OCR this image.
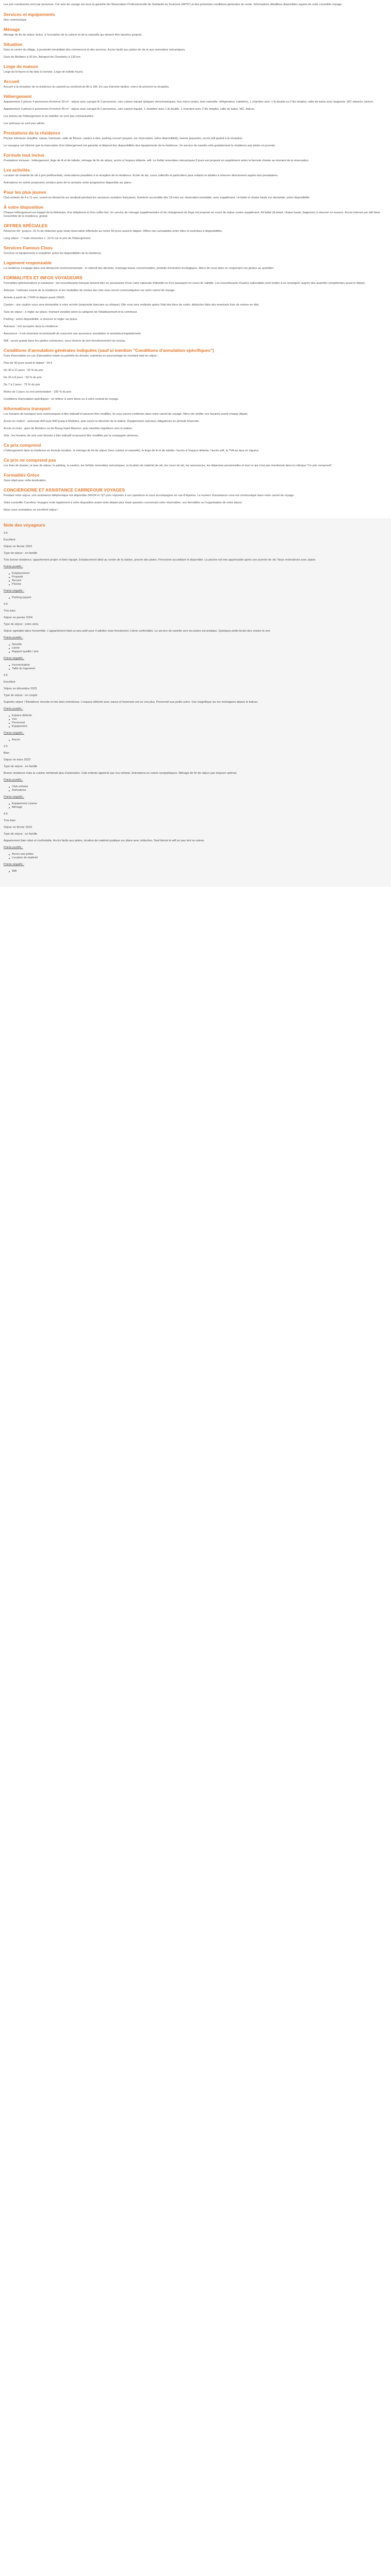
Les prix mentionnés sont par personne. Cet acte de voyage est sous la garantie de l'Association Professionnelle de Solidarité du Tourisme (APST) et des présentes conditions générales de vente. Informations détaillées disponibles auprès de votre conseiller voyage.
Services et équipements
Non communiqué.
Ménage
Ménage de fin de séjour inclus, à l'exception de la cuisine et de la vaisselle qui doivent être laissées propres.
Situation
Dans le centre du village, à proximité immédiate des commerces et des services. Accès facile aux pistes de ski et aux remontées mécaniques.
Gare de Moûtiers à 30 km. Aéroport de Chambéry à 130 km.
Linge de maison
Linge de lit fourni et lits faits à l'arrivée. Linge de toilette fourni.
Accueil
Accueil à la réception de la résidence du samedi au vendredi de 8h à 19h. En cas d'arrivée tardive, merci de prévenir la réception.
Hébergement
Appartement 2 pièces 4 personnes d'environ 30 m² : séjour avec canapé-lit 2 personnes, coin cuisine équipé (plaques vitrocéramiques, four micro-ondes, lave-vaisselle, réfrigérateur, cafetière), 1 chambre avec 1 lit double ou 2 lits simples, salle de bains avec baignoire, WC séparés, balcon.
Appartement 3 pièces 6 personnes d'environ 45 m² : séjour avec canapé-lit 2 personnes, coin cuisine équipé, 1 chambre avec 1 lit double, 1 chambre avec 2 lits simples, salle de bains, WC, balcon.
Les photos de l'hébergement et du mobilier ne sont pas contractuelles.
Les animaux ne sont pas admis.
Prestations de la résidence
Piscine intérieure chauffée, sauna, hammam, salle de fitness, casiers à skis, parking couvert (payant, sur réservation, selon disponibilité), laverie (payante), accès wifi gratuit à la réception.
Le voyageur est informé que la réservation d'un hébergement est garantie et dépend des disponibilités des équipements de la résidence. Un service de navette relie gratuitement la résidence aux pistes en journée.
Formule tout inclus
Prestations incluses : hébergement, linge de lit et de toilette, ménage de fin de séjour, accès à l'espace détente, wifi. Le forfait remontées mécaniques 6 jours est proposé en supplément selon la formule choisie au moment de la réservation.
Les activités
Location de matériel de ski à prix préférentiels, réservations possibles à la réception de la résidence. École de ski, cours collectifs et particuliers pour enfants et adultes à réserver directement auprès des prestataires.
Animations en soirée proposées certains jours de la semaine selon programme disponible sur place.
Pour les plus jeunes
Club enfants de 4 à 11 ans, ouvert du dimanche au vendredi pendant les vacances scolaires françaises. Garderie accessible dès 18 mois sur réservation préalable, avec supplément. Lit bébé et chaise haute sur demande, selon disponibilité.
À votre disposition
Chaque hébergement est équipé de la télévision, d'un téléphone et d'un coffre-fort. Un service de ménage supplémentaire et de changement de linge est proposé en cours de séjour contre supplément. Kit bébé (lit pliant, chaise haute, baignoire) à réserver en avance. Accès internet par wifi dans l'ensemble de la résidence, gratuit.
OFFRES SPÉCIALES
Réservez tôt : jusqu'à -15 % de réduction pour toute réservation effectuée au moins 60 jours avant le départ. Offres non cumulables entre elles et soumises à disponibilités.
Long séjour : 7 nuits réservées = -10 % sur le prix de l'hébergement.
Services Famous Class
Services et équipements à compléter selon les disponibilités de la résidence.
Logement responsable
La résidence s'engage dans une démarche environnementale : tri sélectif des déchets, éclairage basse consommation, produits d'entretien écologiques. Merci de nous aider en respectant ces gestes au quotidien.
FORMALITÉS ET INFOS VOYAGEURS
Formalités administratives et sanitaires : les ressortissants français doivent être en possession d'une carte nationale d'identité ou d'un passeport en cours de validité. Les ressortissants d'autres nationalités sont invités à se renseigner auprès des autorités compétentes avant le départ.
Adresse : l'adresse exacte de la résidence et les modalités de remise des clés vous seront communiquées sur votre carnet de voyage.
Arrivée à partir de 17h00 et départ avant 10h00.
Caution : une caution vous sera demandée à votre arrivée (empreinte bancaire ou chèque). Elle vous sera restituée après l'état des lieux de sortie, déduction faite des éventuels frais de remise en état.
Taxe de séjour : à régler sur place, montant variable selon la catégorie de l'établissement et la commune.
Parking : selon disponibilité, à réserver et régler sur place.
Animaux : non acceptés dans la résidence.
Assurance : il est vivement recommandé de souscrire une assurance annulation et assistance/rapatriement.
Wifi : accès gratuit dans les parties communes, sous réserve du bon fonctionnement du réseau.
Conditions d'annulation générales indiquées (sauf si mention "Conditions d'annulation spécifiques")
Frais d'annulation en cas d'annulation totale ou partielle du dossier, exprimés en pourcentage du montant total du séjour :
Plus de 30 jours avant le départ : 30 €
De 30 à 21 jours : 25 % du prix
De 20 à 8 jours : 50 % du prix
De 7 à 2 jours : 75 % du prix
Moins de 2 jours ou non-présentation : 100 % du prix
Conditions d'annulation spécifiques : se référer à votre devis ou à votre contrat de voyage.
Informations transport
Les horaires de transport sont communiqués à titre indicatif et peuvent être modifiés. Ils vous seront confirmés dans votre carnet de voyage. Merci de vérifier vos horaires avant chaque départ.
Accès en voiture : autoroute A43 puis N90 jusqu'à Moûtiers, puis suivre la direction de la station. Équipements spéciaux obligatoires en période hivernale.
Accès en train : gare de Moûtiers ou de Bourg-Saint-Maurice, puis navettes régulières vers la station.
Vols : les horaires de vols sont donnés à titre indicatif et peuvent être modifiés par la compagnie aérienne.
Ce prix comprend
L'hébergement dans la résidence en formule location, le ménage de fin de séjour (hors cuisine et vaisselle), le linge de lit et de toilette, l'accès à l'espace détente, l'accès wifi, la TVA au taux en vigueur.
Ce prix ne comprend pas
Les frais de dossier, la taxe de séjour, le parking, la caution, les forfaits remontées mécaniques, la location de matériel de ski, les cours de ski, les assurances, les dépenses personnelles et tout ce qui n'est pas mentionné dans la rubrique "Ce prix comprend".
Formalités Grèce
Sans objet pour cette destination.
CONCIERGERIE ET ASSISTANCE CARREFOUR VOYAGES
Pendant votre séjour, une assistance téléphonique est disponible 24h/24 et 7j/7 pour répondre à vos questions et vous accompagner en cas d'imprévu. Le numéro d'assistance vous est communiqué dans votre carnet de voyage.
Votre conseiller Carrefour Voyages reste également à votre disposition avant votre départ pour toute question concernant votre réservation, vos formalités ou l'organisation de votre séjour.
Nous vous souhaitons un excellent séjour !
Note des voyageurs
4.5
Excellent
Séjour en février 2024
Type de séjour : en famille
Très bonne résidence, appartement propre et bien équipé. Emplacement idéal au centre de la station, proche des pistes. Personnel accueillant et disponible. La piscine est très appréciable après une journée de ski. Nous reviendrons avec plaisir.
Points positifs :
Emplacement
Propreté
Accueil
Piscine
Points négatifs :
Parking payant
4.0
Très bien
Séjour en janvier 2024
Type de séjour : entre amis
Séjour agréable dans l'ensemble. L'appartement était un peu petit pour 4 adultes mais fonctionnel. Literie confortable. Le service de navette vers les pistes est pratique. Quelques petits bruits des voisins le soir.
Points positifs :
Navette
Literie
Rapport qualité / prix
Points négatifs :
Insonorisation
Taille du logement
4.5
Excellent
Séjour en décembre 2023
Type de séjour : en couple
Superbe séjour ! Résidence récente et très bien entretenue. L'espace détente avec sauna et hammam est un vrai plus. Personnel aux petits soins. Vue magnifique sur les montagnes depuis le balcon.
Points positifs :
Espace détente
Vue
Personnel
Équipement
Points négatifs :
Aucun
3.5
Bien
Séjour en mars 2023
Type de séjour : en famille
Bonne résidence mais la cuisine mériterait plus d'ustensiles. Club enfants apprécié par nos enfants. Animations en soirée sympathiques. Ménage de fin de séjour pas toujours optimal.
Points positifs :
Club enfants
Animations
Points négatifs :
Équipement cuisine
Ménage
4.0
Très bien
Séjour en février 2023
Type de séjour : en famille
Appartement bien situé et confortable. Accès facile aux pistes, location de matériel pratique sur place avec réduction. Seul bémol le wifi un peu lent en soirée.
Points positifs :
Accès aux pistes
Location de matériel
Points négatifs :
Wifi
